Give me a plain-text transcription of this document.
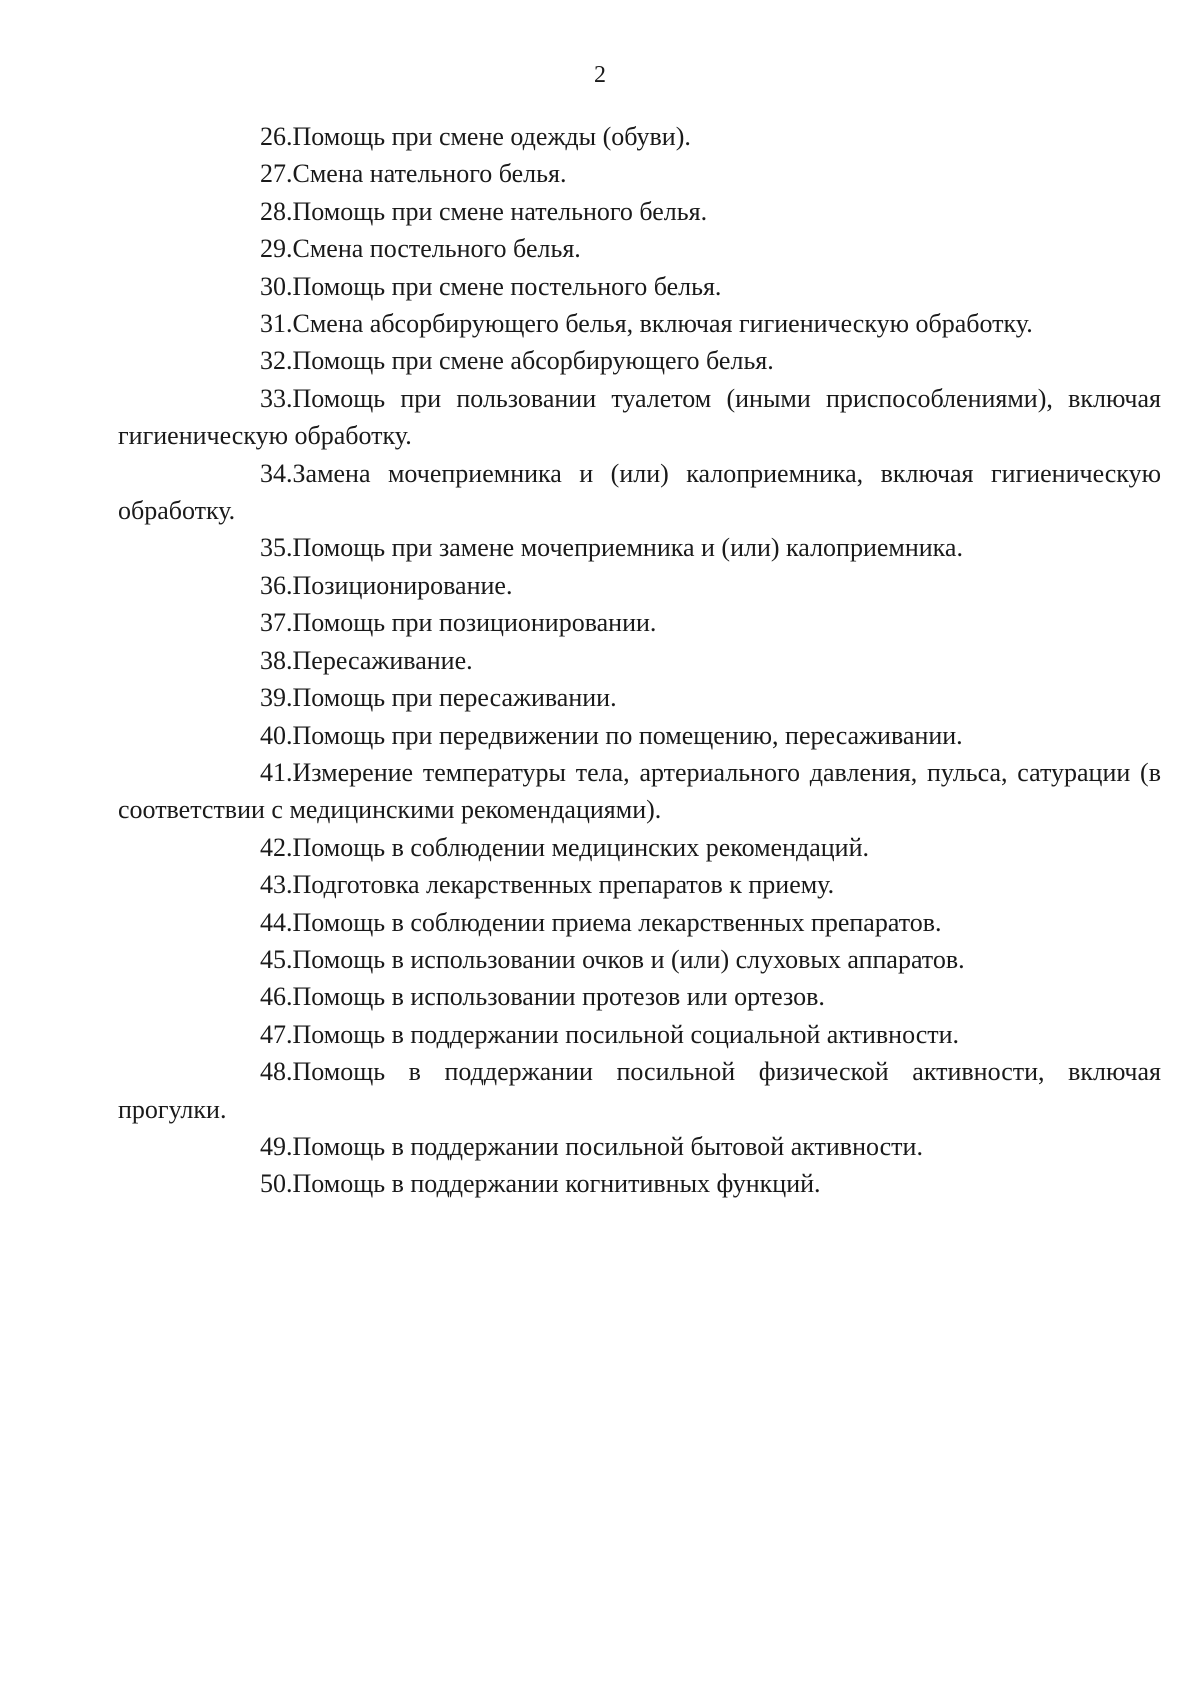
2
26.Помощь при смене одежды (обуви).
27.Смена нательного белья.
28.Помощь при смене нательного белья.
29.Смена постельного белья.
30.Помощь при смене постельного белья.
31.Смена абсорбирующего белья, включая гигиеническую обработку.
32.Помощь при смене абсорбирующего белья.
33.Помощь при пользовании туалетом (иными приспособлениями), включая гигиеническую обработку.
34.Замена мочеприемника и (или) калоприемника, включая гигиеническую обработку.
35.Помощь при замене мочеприемника и (или) калоприемника.
36.Позиционирование.
37.Помощь при позиционировании.
38.Пересаживание.
39.Помощь при пересаживании.
40.Помощь при передвижении по помещению, пересаживании.
41.Измерение температуры тела, артериального давления, пульса, сатурации (в соответствии с медицинскими рекомендациями).
42.Помощь в соблюдении медицинских рекомендаций.
43.Подготовка лекарственных препаратов к приему.
44.Помощь в соблюдении приема лекарственных препаратов.
45.Помощь в использовании очков и (или) слуховых аппаратов.
46.Помощь в использовании протезов или ортезов.
47.Помощь в поддержании посильной социальной активности.
48.Помощь в поддержании посильной физической активности, включая прогулки.
49.Помощь в поддержании посильной бытовой активности.
50.Помощь в поддержании когнитивных функций.
